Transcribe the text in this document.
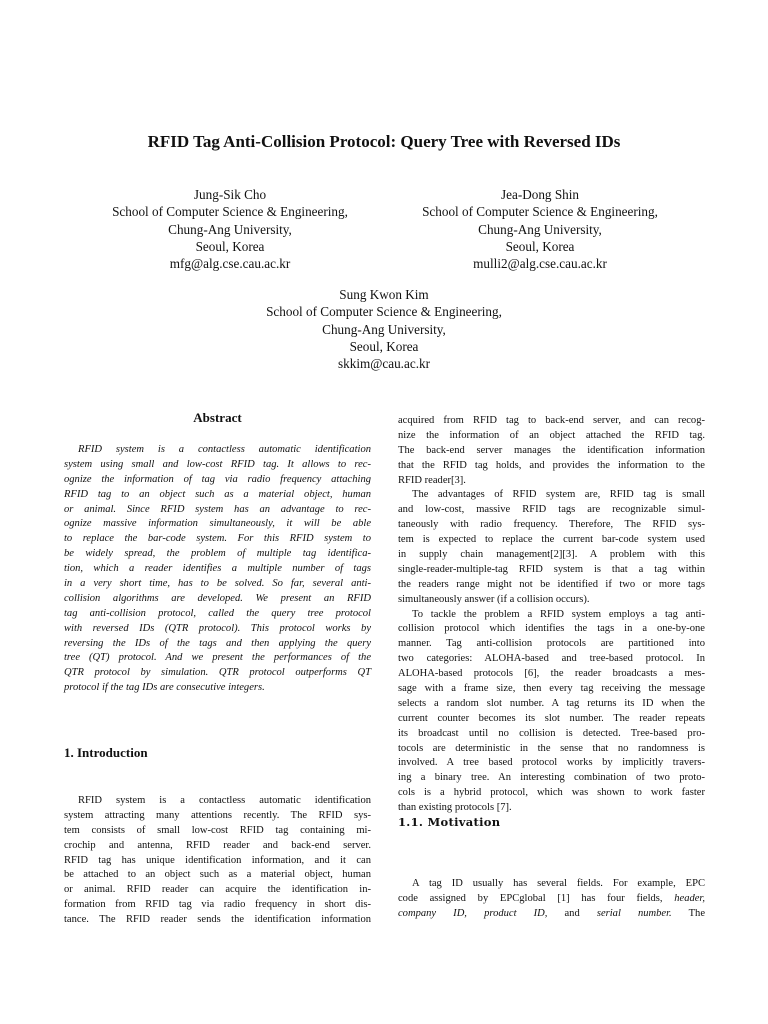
RFID Tag Anti-Collision Protocol: Query Tree with Reversed IDs
Jung-Sik Cho
School of Computer Science & Engineering,
Chung-Ang University,
Seoul, Korea
mfg@alg.cse.cau.ac.kr
Jea-Dong Shin
School of Computer Science & Engineering,
Chung-Ang University,
Seoul, Korea
mulli2@alg.cse.cau.ac.kr
Sung Kwon Kim
School of Computer Science & Engineering,
Chung-Ang University,
Seoul, Korea
skkim@cau.ac.kr
Abstract
RFID system is a contactless automatic identification
system using small and low-cost RFID tag. It allows to rec-
ognize the information of tag via radio frequency attaching
RFID tag to an object such as a material object, human
or animal. Since RFID system has an advantage to rec-
ognize massive information simultaneously, it will be able
to replace the bar-code system. For this RFID system to
be widely spread, the problem of multiple tag identifica-
tion, which a reader identifies a multiple number of tags
in a very short time, has to be solved. So far, several anti-
collision algorithms are developed. We present an RFID
tag anti-collision protocol, called the query tree protocol
with reversed IDs (QTR protocol). This protocol works by
reversing the IDs of the tags and then applying the query
tree (QT) protocol. And we present the performances of the
QTR protocol by simulation. QTR protocol outperforms QT
protocol if the tag IDs are consecutive integers.
1. Introduction
RFID system is a contactless automatic identification
system attracting many attentions recently. The RFID sys-
tem consists of small low-cost RFID tag containing mi-
crochip and antenna, RFID reader and back-end server.
RFID tag has unique identification information, and it can
be attached to an object such as a material object, human
or animal. RFID reader can acquire the identification in-
formation from RFID tag via radio frequency in short dis-
tance. The RFID reader sends the identification information
acquired from RFID tag to back-end server, and can recog-
nize the information of an object attached the RFID tag.
The back-end server manages the identification information
that the RFID tag holds, and provides the information to the
RFID reader[3].
The advantages of RFID system are, RFID tag is small
and low-cost, massive RFID tags are recognizable simul-
taneously with radio frequency. Therefore, The RFID sys-
tem is expected to replace the current bar-code system used
in supply chain management[2][3]. A problem with this
single-reader-multiple-tag RFID system is that a tag within
the readers range might not be identified if two or more tags
simultaneously answer (if a collision occurs).
To tackle the problem a RFID system employs a tag anti-
collision protocol which identifies the tags in a one-by-one
manner. Tag anti-collision protocols are partitioned into
two categories: ALOHA-based and tree-based protocol. In
ALOHA-based protocols [6], the reader broadcasts a mes-
sage with a frame size, then every tag receiving the message
selects a random slot number. A tag returns its ID when the
current counter becomes its slot number. The reader repeats
its broadcast until no collision is detected. Tree-based pro-
tocols are deterministic in the sense that no randomness is
involved. A tree based protocol works by implicitly travers-
ing a binary tree. An interesting combination of two proto-
cols is a hybrid protocol, which was shown to work faster
than existing protocols [7].
1.1. Motivation
A tag ID usually has several fields. For example, EPC
code assigned by EPCglobal [1] has four fields, header,
company ID, product ID, and serial number. The
